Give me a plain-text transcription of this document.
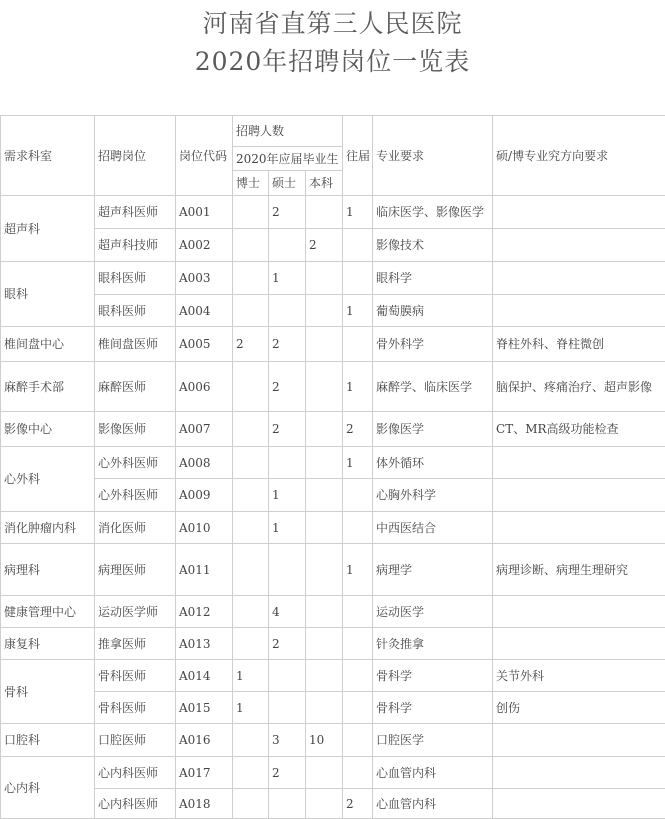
河南省直第三人民医院
2020年招聘岗位一览表
需求科室	招聘岗位	岗位代码	招聘人数			往届	专业要求	硕/博专业究方向要求
			2020年应届毕业生					
			博士	硕士	本科			
超声科	超声科医师	A001		2		1	临床医学、影像医学	
	超声科技师	A002			2		影像技术	
眼科	眼科医师	A003		1			眼科学	
	眼科医师	A004				1	葡萄膜病	
椎间盘中心	椎间盘医师	A005	2	2			骨外科学	脊柱外科、脊柱微创
麻醉手术部	麻醉医师	A006		2		1	麻醉学、临床医学	脑保护、疼痛治疗、超声影像
影像中心	影像医师	A007		2		2	影像医学	CT、MR高级功能检查
心外科	心外科医师	A008				1	体外循环	
	心外科医师	A009		1			心胸外科学	
消化肿瘤内科	消化医师	A010		1			中西医结合	
病理科	病理医师	A011				1	病理学	病理诊断、病理生理研究
健康管理中心	运动医学师	A012		4			运动医学	
康复科	推拿医师	A013		2			针灸推拿	
骨科	骨科医师	A014	1				骨科学	关节外科
	骨科医师	A015	1				骨科学	创伤
口腔科	口腔医师	A016		3	10		口腔医学	
心内科	心内科医师	A017		2			心血管内科	
	心内科医师	A018				2	心血管内科	
